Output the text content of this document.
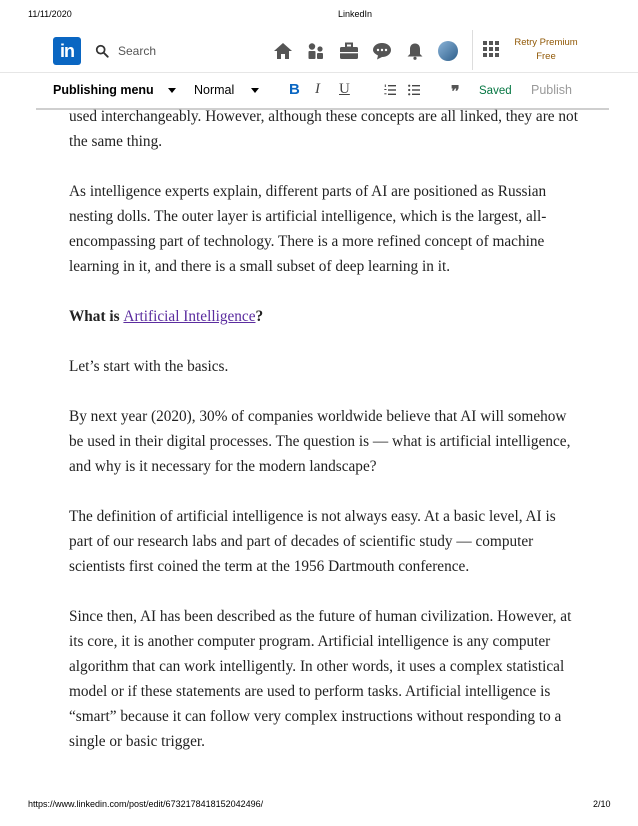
11/11/2020	LinkedIn
in	Search
Retry Premium
Free
Publishing menu	Normal	B I U	❞ Saved Publish

used interchangeably. However, although these concepts are all linked, they are not the same thing.

As intelligence experts explain, different parts of AI are positioned as Russian nesting dolls. The outer layer is artificial intelligence, which is the largest, all-encompassing part of technology. There is a more refined concept of machine learning in it, and there is a small subset of deep learning in it.

What is Artificial Intelligence?

Let’s start with the basics.

By next year (2020), 30% of companies worldwide believe that AI will somehow be used in their digital processes. The question is — what is artificial intelligence, and why is it necessary for the modern landscape?

The definition of artificial intelligence is not always easy. At a basic level, AI is part of our research labs and part of decades of scientific study — computer scientists first coined the term at the 1956 Dartmouth conference.

Since then, AI has been described as the future of human civilization. However, at its core, it is another computer program. Artificial intelligence is any computer algorithm that can work intelligently. In other words, it uses a complex statistical model or if these statements are used to perform tasks. Artificial intelligence is “smart” because it can follow very complex instructions without responding to a single or basic trigger.

https://www.linkedin.com/post/edit/6732178418152042496/	2/10
